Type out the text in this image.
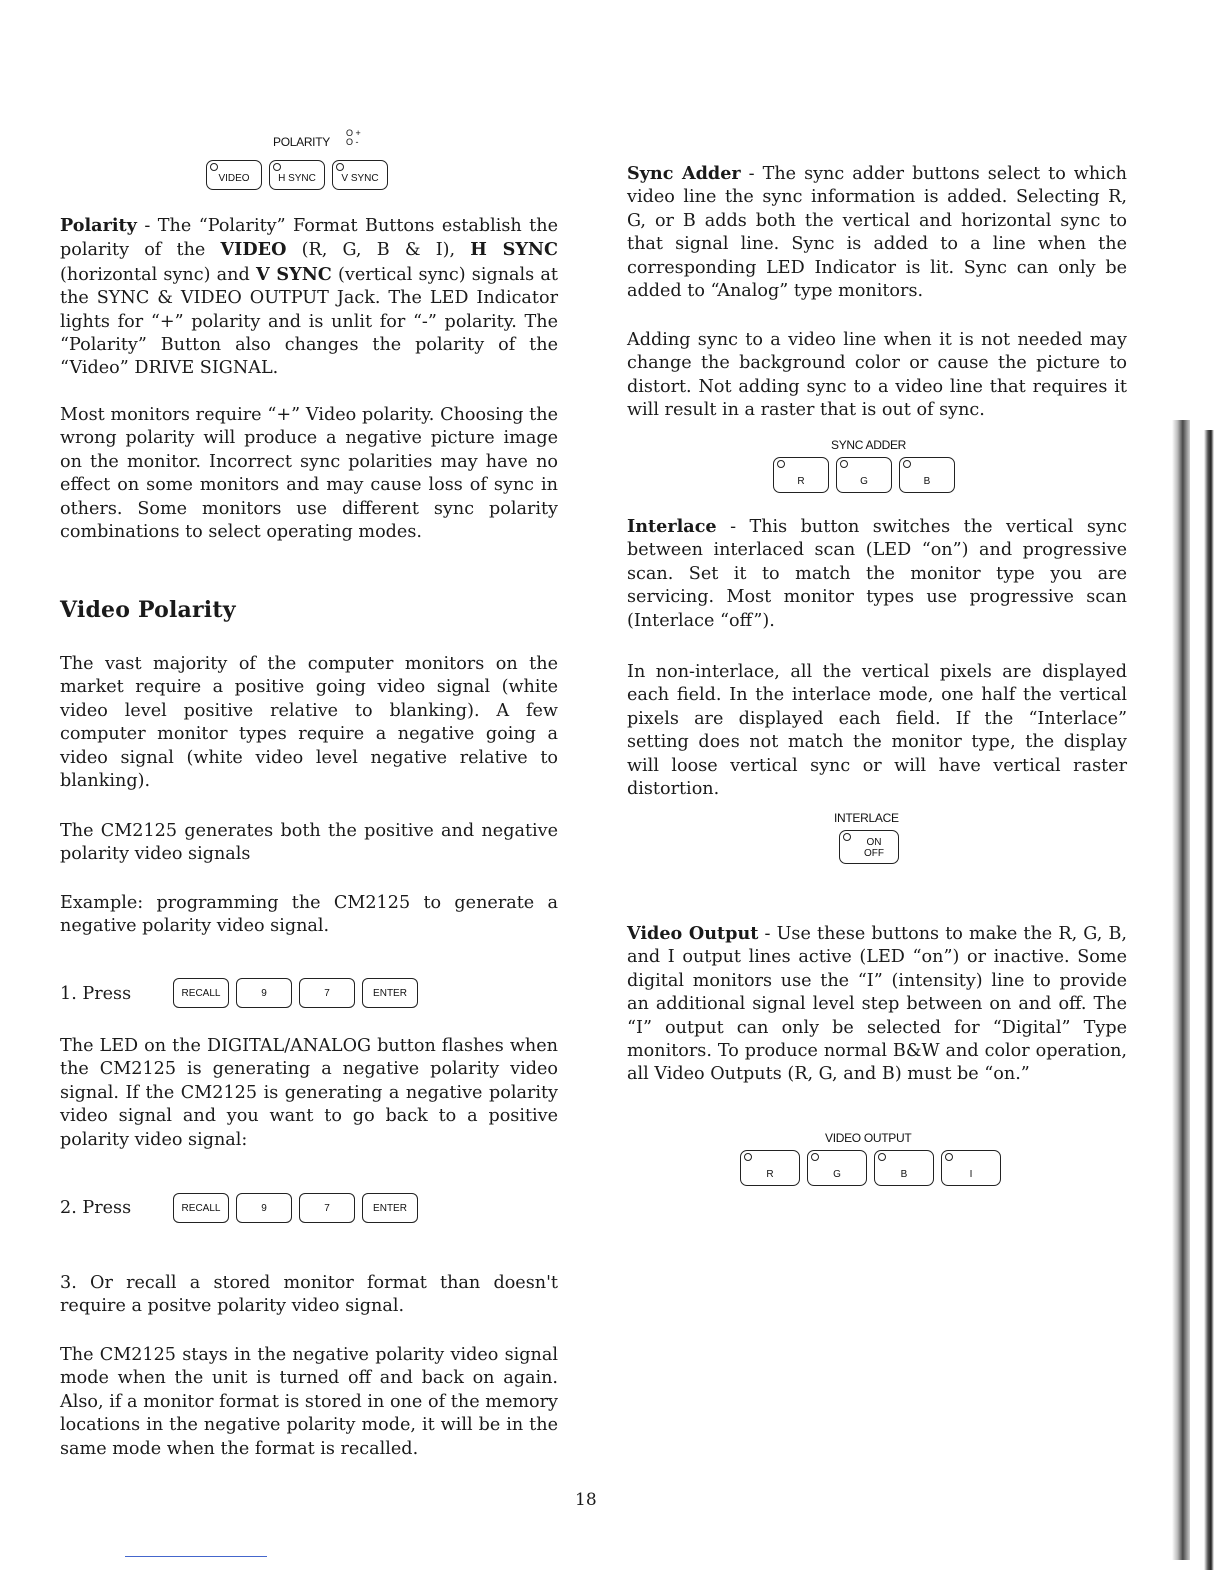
POLARITY
O +
O -
VIDEO	H SYNC	V SYNC

Polarity - The “Polarity” Format Buttons establish the polarity of the VIDEO (R, G, B & I), H SYNC (horizontal sync) and V SYNC (vertical sync) signals at the SYNC & VIDEO OUTPUT Jack. The LED Indicator lights for “+” polarity and is unlit for “-” polarity. The “Polarity” Button also changes the polarity of the “Video” DRIVE SIGNAL.

Most monitors require “+” Video polarity. Choosing the wrong polarity will produce a negative picture image on the monitor. Incorrect sync polarities may have no effect on some monitors and may cause loss of sync in others. Some monitors use different sync polarity combinations to select operating modes.

Video Polarity

The vast majority of the computer monitors on the market require a positive going video signal (white video level positive relative to blanking). A few computer monitor types require a negative going a video signal (white video level negative relative to blanking).

The CM2125 generates both the positive and negative polarity video signals

Example: programming the CM2125 to generate a negative polarity video signal.

1. Press	RECALL	9	7	ENTER

The LED on the DIGITAL/ANALOG button flashes when the CM2125 is generating a negative polarity video signal. If the CM2125 is generating a negative polarity video signal and you want to go back to a positive polarity video signal:

2. Press	RECALL	9	7	ENTER

3. Or recall a stored monitor format than doesn't require a positve polarity video signal.

The CM2125 stays in the negative polarity video signal mode when the unit is turned off and back on again. Also, if a monitor format is stored in one of the memory locations in the negative polarity mode, it will be in the same mode when the format is recalled.

Sync Adder - The sync adder buttons select to which video line the sync information is added. Selecting R, G, or B adds both the vertical and horizontal sync to that signal line. Sync is added to a line when the corresponding LED Indicator is lit. Sync can only be added to “Analog” type monitors.

Adding sync to a video line when it is not needed may change the background color or cause the picture to distort. Not adding sync to a video line that requires it will result in a raster that is out of sync.

SYNC ADDER
R	G	B

Interlace - This button switches the vertical sync between interlaced scan (LED “on”) and progressive scan. Set it to match the monitor type you are servicing. Most monitor types use progressive scan (Interlace “off”).

In non-interlace, all the vertical pixels are displayed each field. In the interlace mode, one half the vertical pixels are displayed each field. If the “Interlace” setting does not match the monitor type, the display will loose vertical sync or will have vertical raster distortion.

INTERLACE
ON
OFF

Video Output - Use these buttons to make the R, G, B, and I output lines active (LED “on”) or inactive. Some digital monitors use the “I” (intensity) line to provide an additional signal level step between on and off. The “I” output can only be selected for “Digital” Type monitors. To produce normal B&W and color operation, all Video Outputs (R, G, and B) must be “on.”

VIDEO OUTPUT
R	G	B	I
18
